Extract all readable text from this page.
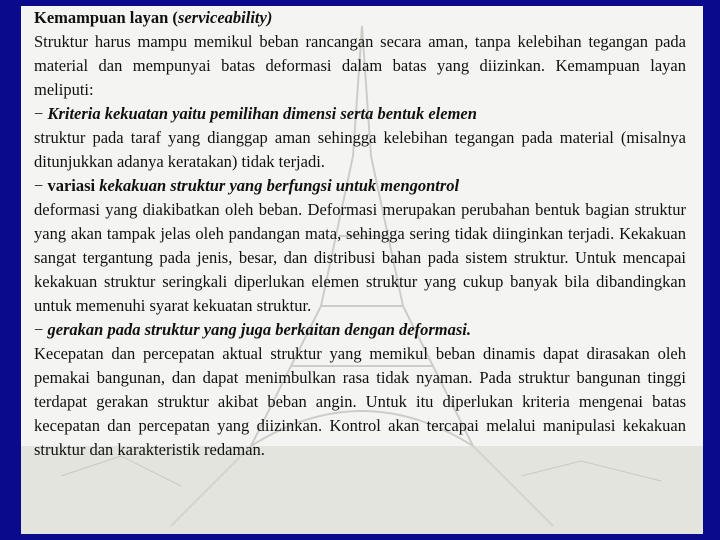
Kemampuan layan (serviceability)

Struktur harus mampu memikul beban rancangan secara aman, tanpa kelebihan tegangan pada material dan mempunyai batas deformasi dalam batas yang diizinkan. Kemampuan layan meliputi:

− Kriteria kekuatan yaitu pemilihan dimensi serta bentuk elemen

struktur pada taraf yang dianggap aman sehingga kelebihan tegangan pada material (misalnya ditunjukkan adanya keratakan) tidak terjadi.

− variasi kekakuan struktur yang berfungsi untuk mengontrol

deformasi yang diakibatkan oleh beban. Deformasi merupakan perubahan bentuk bagian struktur yang akan tampak jelas oleh pandangan mata, sehingga sering tidak diinginkan terjadi. Kekakuan sangat tergantung pada jenis, besar, dan distribusi bahan pada sistem struktur. Untuk mencapai kekakuan struktur seringkali diperlukan elemen struktur yang cukup banyak bila dibandingkan untuk memenuhi syarat kekuatan struktur.

− gerakan pada struktur yang juga berkaitan dengan deformasi.

Kecepatan dan percepatan aktual struktur yang memikul beban dinamis dapat dirasakan oleh pemakai bangunan, dan dapat menimbulkan rasa tidak nyaman. Pada struktur bangunan tinggi terdapat gerakan struktur akibat beban angin. Untuk itu diperlukan kriteria mengenai batas kecepatan dan percepatan yang diizinkan. Kontrol akan tercapai melalui manipulasi kekakuan struktur dan karakteristik redaman.
